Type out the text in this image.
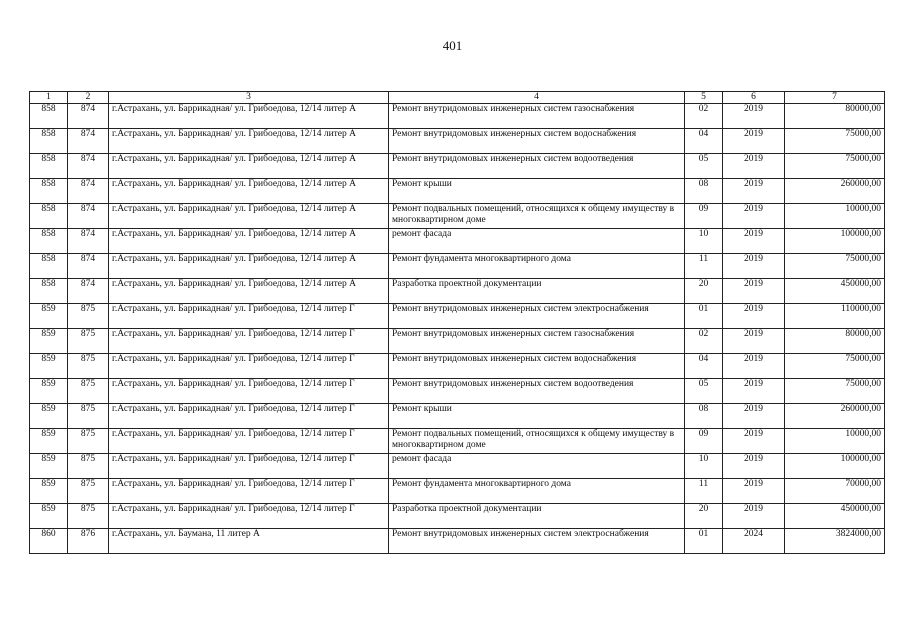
401
1	2	3	4	5	6	7
858	874	г.Астрахань, ул. Баррикадная/ ул. Грибоедова, 12/14 литер А	Ремонт внутридомовых инженерных систем газоснабжения	02	2019	80000,00
858	874	г.Астрахань, ул. Баррикадная/ ул. Грибоедова, 12/14 литер А	Ремонт внутридомовых инженерных систем водоснабжения	04	2019	75000,00
858	874	г.Астрахань, ул. Баррикадная/ ул. Грибоедова, 12/14 литер А	Ремонт внутридомовых инженерных систем водоотведения	05	2019	75000,00
858	874	г.Астрахань, ул. Баррикадная/ ул. Грибоедова, 12/14 литер А	Ремонт крыши	08	2019	260000,00
858	874	г.Астрахань, ул. Баррикадная/ ул. Грибоедова, 12/14 литер А	Ремонт подвальных помещений, относящихся к общему имуществу в многоквартирном доме	09	2019	10000,00
858	874	г.Астрахань, ул. Баррикадная/ ул. Грибоедова, 12/14 литер А	ремонт фасада	10	2019	100000,00
858	874	г.Астрахань, ул. Баррикадная/ ул. Грибоедова, 12/14 литер А	Ремонт фундамента многоквартирного дома	11	2019	75000,00
858	874	г.Астрахань, ул. Баррикадная/ ул. Грибоедова, 12/14 литер А	Разработка проектной документации	20	2019	450000,00
859	875	г.Астрахань, ул. Баррикадная/ ул. Грибоедова, 12/14 литер Г	Ремонт внутридомовых инженерных систем электроснабжения	01	2019	110000,00
859	875	г.Астрахань, ул. Баррикадная/ ул. Грибоедова, 12/14 литер Г	Ремонт внутридомовых инженерных систем газоснабжения	02	2019	80000,00
859	875	г.Астрахань, ул. Баррикадная/ ул. Грибоедова, 12/14 литер Г	Ремонт внутридомовых инженерных систем водоснабжения	04	2019	75000,00
859	875	г.Астрахань, ул. Баррикадная/ ул. Грибоедова, 12/14 литер Г	Ремонт внутридомовых инженерных систем водоотведения	05	2019	75000,00
859	875	г.Астрахань, ул. Баррикадная/ ул. Грибоедова, 12/14 литер Г	Ремонт крыши	08	2019	260000,00
859	875	г.Астрахань, ул. Баррикадная/ ул. Грибоедова, 12/14 литер Г	Ремонт подвальных помещений, относящихся к общему имуществу в многоквартирном доме	09	2019	10000,00
859	875	г.Астрахань, ул. Баррикадная/ ул. Грибоедова, 12/14 литер Г	ремонт фасада	10	2019	100000,00
859	875	г.Астрахань, ул. Баррикадная/ ул. Грибоедова, 12/14 литер Г	Ремонт фундамента многоквартирного дома	11	2019	70000,00
859	875	г.Астрахань, ул. Баррикадная/ ул. Грибоедова, 12/14 литер Г	Разработка проектной документации	20	2019	450000,00
860	876	г.Астрахань, ул. Баумана, 11 литер А	Ремонт внутридомовых инженерных систем электроснабжения	01	2024	3824000,00
